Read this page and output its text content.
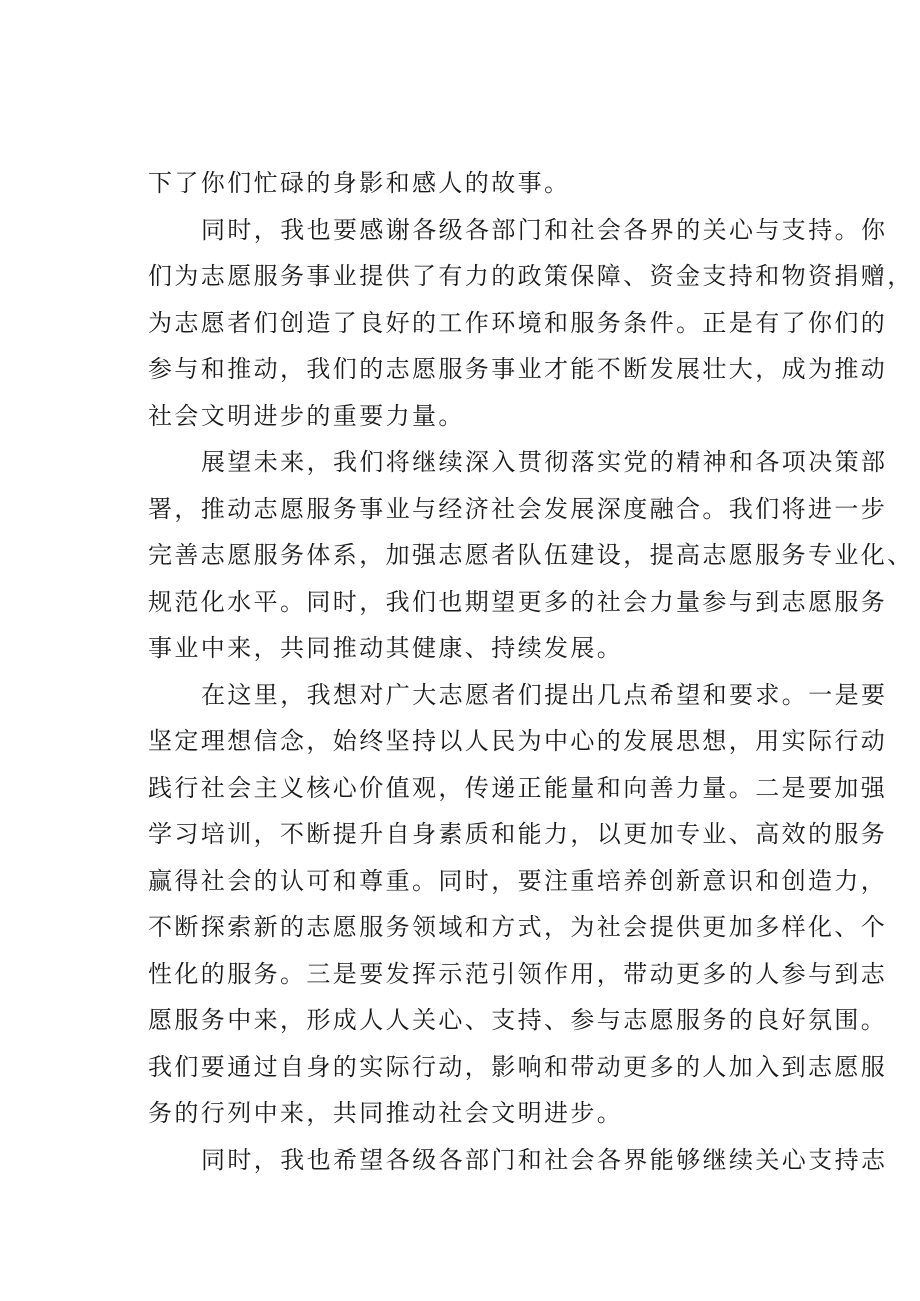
下了你们忙碌的身影和感人的故事。
同时，我也要感谢各级各部门和社会各界的关心与支持。你
们为志愿服务事业提供了有力的政策保障、资金支持和物资捐赠，
为志愿者们创造了良好的工作环境和服务条件。正是有了你们的
参与和推动，我们的志愿服务事业才能不断发展壮大，成为推动
社会文明进步的重要力量。
展望未来，我们将继续深入贯彻落实党的精神和各项决策部
署，推动志愿服务事业与经济社会发展深度融合。我们将进一步
完善志愿服务体系，加强志愿者队伍建设，提高志愿服务专业化、
规范化水平。同时，我们也期望更多的社会力量参与到志愿服务
事业中来，共同推动其健康、持续发展。
在这里，我想对广大志愿者们提出几点希望和要求。一是要
坚定理想信念，始终坚持以人民为中心的发展思想，用实际行动
践行社会主义核心价值观，传递正能量和向善力量。二是要加强
学习培训，不断提升自身素质和能力，以更加专业、高效的服务
赢得社会的认可和尊重。同时，要注重培养创新意识和创造力，
不断探索新的志愿服务领域和方式，为社会提供更加多样化、个
性化的服务。三是要发挥示范引领作用，带动更多的人参与到志
愿服务中来，形成人人关心、支持、参与志愿服务的良好氛围。
我们要通过自身的实际行动，影响和带动更多的人加入到志愿服
务的行列中来，共同推动社会文明进步。
同时，我也希望各级各部门和社会各界能够继续关心支持志
